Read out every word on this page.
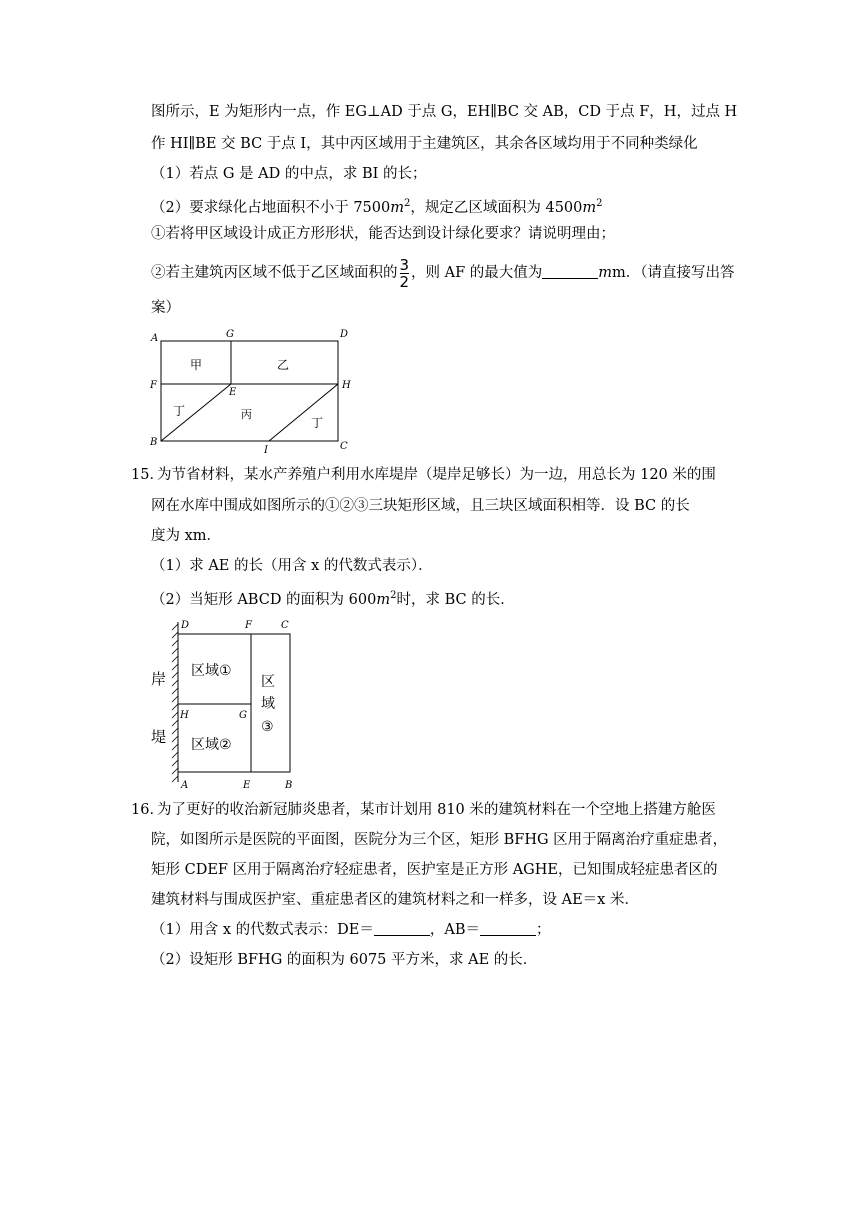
图所示，E 为矩形内一点，作 EG⊥AD 于点 G，EH∥BC 交 AB，CD 于点 F，H，过点 H
作 HI∥BE 交 BC 于点 I，其中丙区域用于主建筑区，其余各区域均用于不同种类绿化
（1）若点 G 是 AD 的中点，求 BI 的长；
（2）要求绿化占地面积不小于 $7500m^2$，规定乙区域面积为 $4500m^2$
①若将甲区域设计成正方形形状，能否达到设计绿化要求？请说明理由；
②若主建筑丙区域不低于乙区域面积的 $\frac{3}{2}$ ，则 AF 的最大值为	mm．（请直接写出答
案）
A	G	D
F
E
H
B
I	C
甲	乙
丙
丁
丁
15．
为节省材料，某水产养殖户利用水库堤岸（堤岸足够长）为一边，用总长为 120 米的围
网在水库中围成如图所示的①②③三块矩形区域，且三块区域面积相等．设 BC 的长
度为 xm．
（1）求 AE 的长（用含 x 的代数式表示）．
（2）当矩形 ABCD 的面积为 $600m^2$时，求 BC 的长．
D	F	C
H	G
A	E	B
岸
堤
区域①
区域②
区
域
③
16．
为了更好的收治新冠肺炎患者，某市计划用 810 米的建筑材料在一个空地上搭建方舱医
院，如图所示是医院的平面图，医院分为三个区，矩形 BFHG 区用于隔离治疗重症患者，
矩形 CDEF 区用于隔离治疗轻症患者，医护室是正方形 AGHE，已知围成轻症患者区的
建筑材料与围成医护室、重症患者区的建筑材料之和一样多，设 AE＝x 米．
（1）用含 x 的代数式表示：DE＝	，AB＝	；
（2）设矩形 BFHG 的面积为 6075 平方米，求 AE 的长．
